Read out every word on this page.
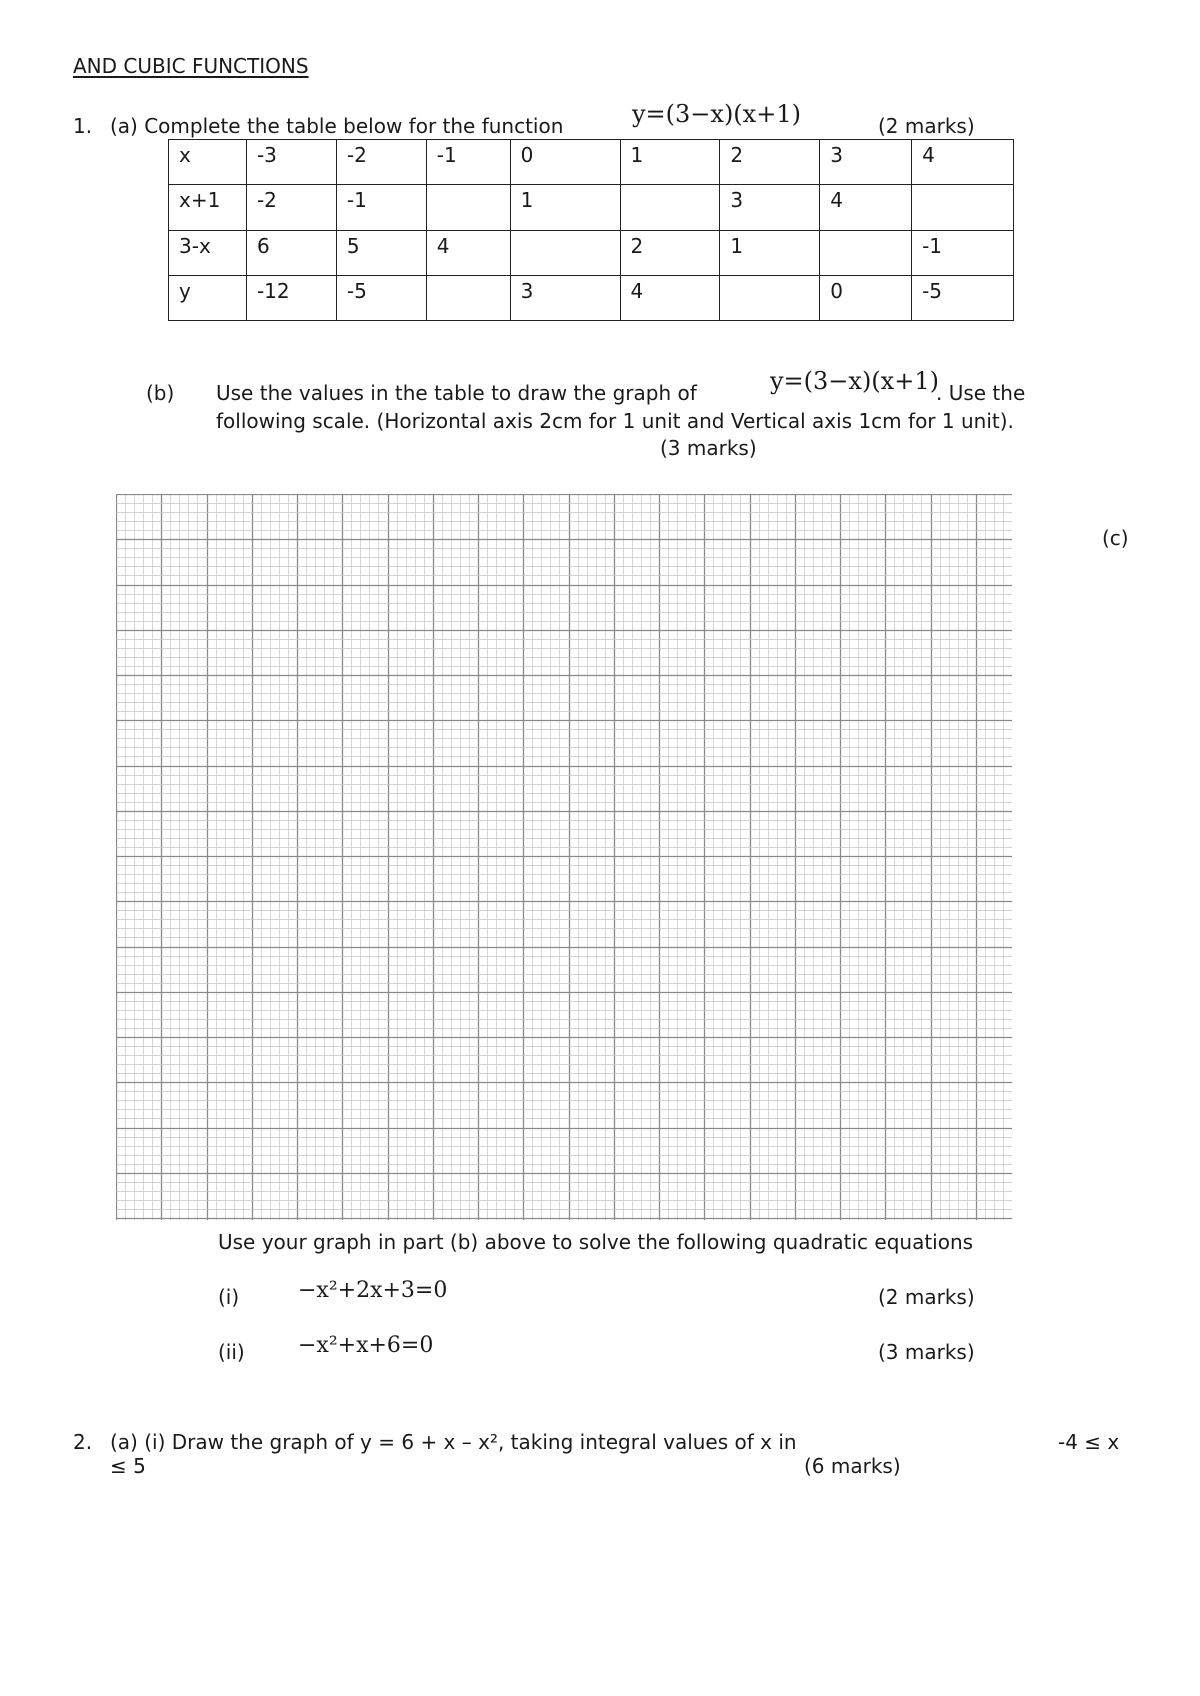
AND CUBIC FUNCTIONS
1. (a) Complete the table below for the function	y=(3−x)(x+1)	(2 marks)
x	-3	-2	-1	0	1	2	3	4
x+1	-2	-1		1		3	4	
3-x	6	5	4		2	1		-1
y	-12	-5		3	4		0	-5
(b) Use the values in the table to draw the graph of	y=(3−x)(x+1)
. Use the
following scale. (Horizontal axis 2cm for 1 unit and Vertical axis 1cm for 1 unit).
(3 marks)
(c)
Use your graph in part (b) above to solve the following quadratic equations
(i)	−x²+2x+3=0	(2 marks)
(ii) −x²+x+6=0	(3 marks)
2. (a) (i) Draw the graph of y = 6 + x – x², taking integral values of x in	-4 ≤ x
≤ 5	(6 marks)
